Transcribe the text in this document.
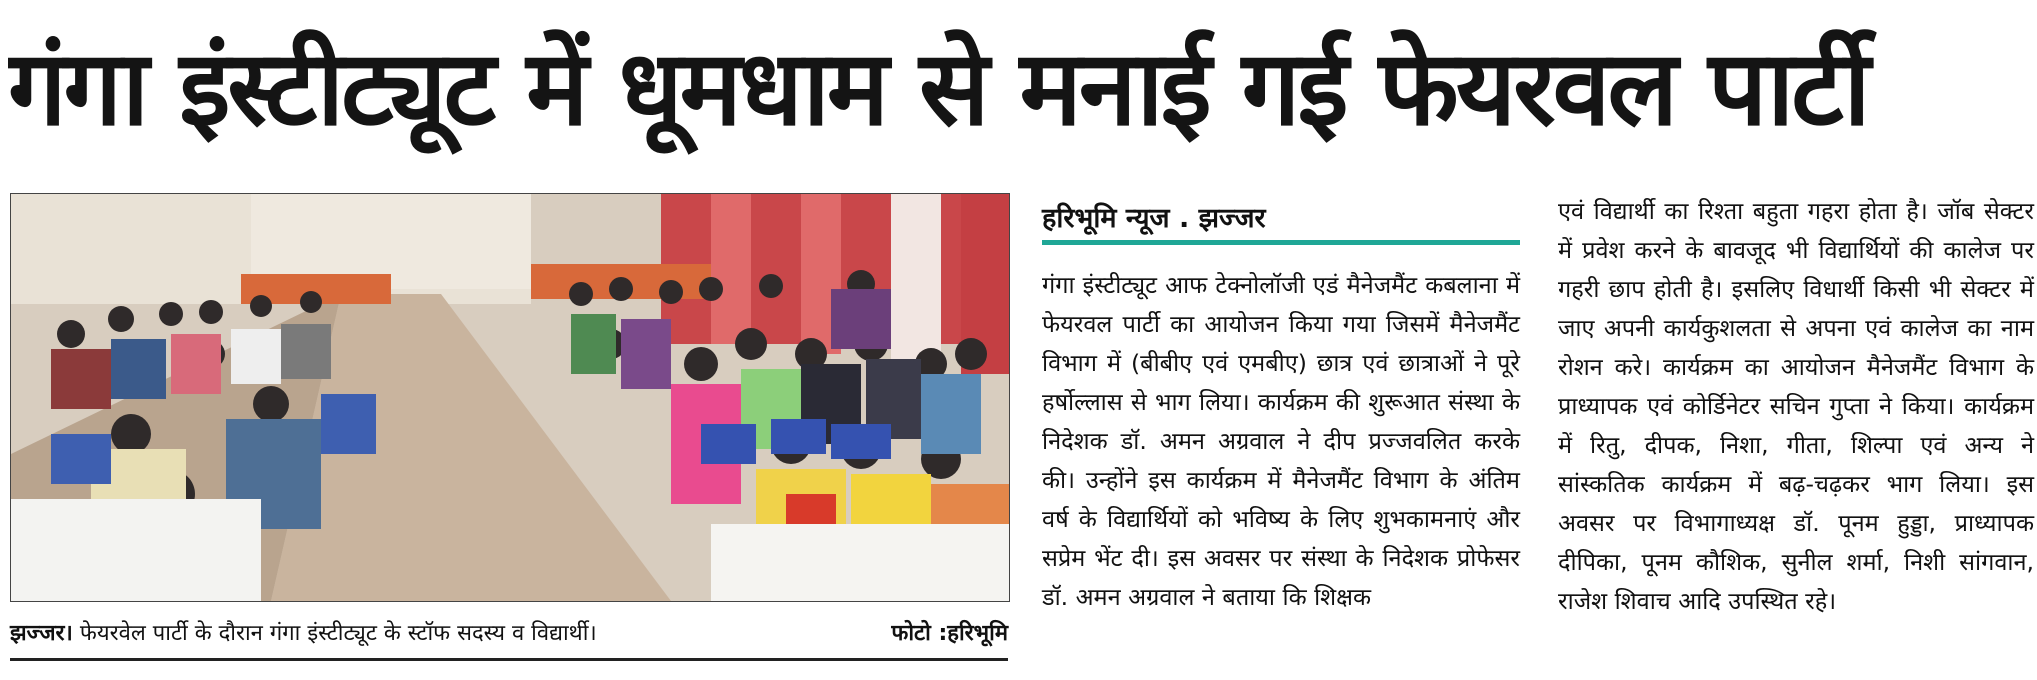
गंगा इंस्टीट्यूट में धूमधाम से मनाई गई फेयरवल पार्टी
झज्जर। फेयरवेल पार्टी के दौरान गंगा इंस्टीट्यूट के स्टॉफ सदस्य व विद्यार्थी।	फोटो :हरिभूमि
हरिभूमि न्यूज . झज्जर

गंगा इंस्टीट्यूट आफ टेक्नोलॉजी एडं मैनेजमैंट कबलाना में फेयरवल पार्टी का आयोजन किया गया जिसमें मैनेजमैंट विभाग में (बीबीए एवं एमबीए) छात्र एवं छात्राओं ने पूरे हर्षोल्लास से भाग लिया। कार्यक्रम की शुरूआत संस्था के निदेशक डॉ. अमन अग्रवाल ने दीप प्रज्जवलित करके की। उन्होंने इस कार्यक्रम में मैनेजमैंट विभाग के अंतिम वर्ष के विद्यार्थियों को भविष्य के लिए शुभकामनाएं और सप्रेम भेंट दी। इस अवसर पर संस्था के निदेशक प्रोफेसर डॉ. अमन अग्रवाल ने बताया कि शिक्षक

एवं विद्यार्थी का रिश्ता बहुता गहरा होता है। जॉब सेक्टर में प्रवेश करने के बावजूद भी विद्यार्थियों की कालेज पर गहरी छाप होती है। इसलिए विधार्थी किसी भी सेक्टर में जाए अपनी कार्यकुशलता से अपना एवं कालेज का नाम रोशन करे। कार्यक्रम का आयोजन मैनेजमैंट विभाग के प्राध्यापक एवं कोर्डिनेटर सचिन गुप्ता ने किया। कार्यक्रम में रितु, दीपक, निशा, गीता, शिल्पा एवं अन्य ने सांस्कतिक कार्यक्रम में बढ़-चढ़कर भाग लिया। इस अवसर पर विभागाध्यक्ष डॉ. पूनम हुड्डा, प्राध्यापक दीपिका, पूनम कौशिक, सुनील शर्मा, निशी सांगवान, राजेश शिवाच आदि उपस्थित रहे।
